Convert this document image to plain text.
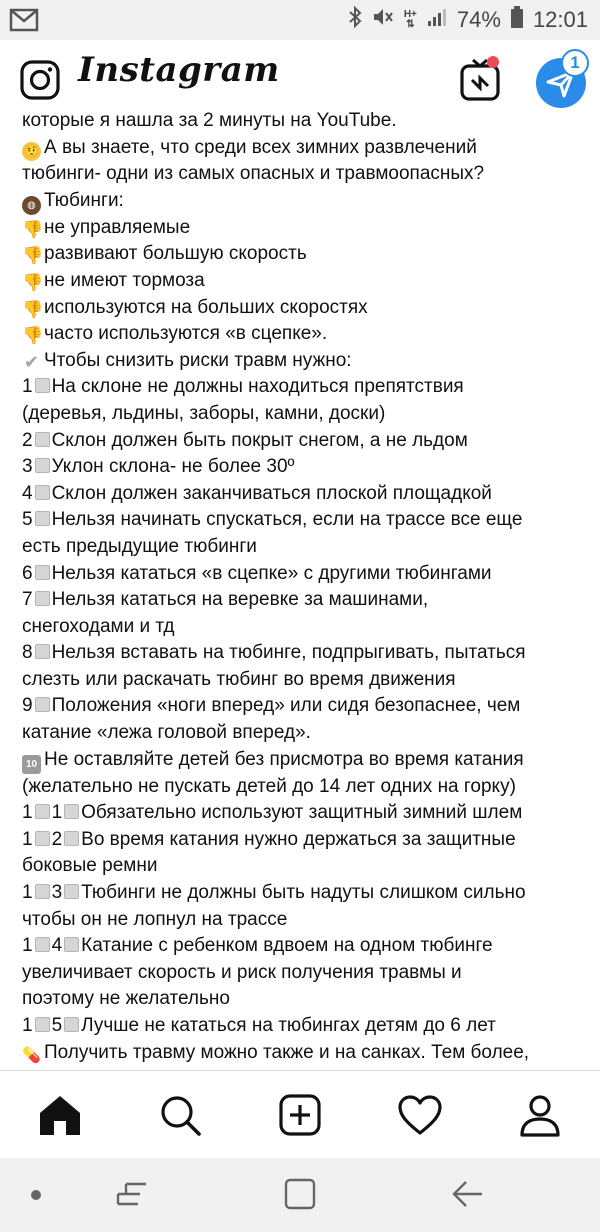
H+
⇅ 74% 12:01
Instagram	1
которые я нашла за 2 минуты на YouTube.
🤨 А вы знаете, что среди всех зимних развлечений
тюбинги- одни из самых опасных и травмоопасных?
◍ Тюбинги:
👎не управляемые
👎развивают большую скорость
👎не имеют тормоза
👎используются на больших скоростях
👎часто используются «в сцепке».
✔ Чтобы снизить риски травм нужно:
1 На склоне не должны находиться препятствия
(деревья, льдины, заборы, камни, доски)
2 Склон должен быть покрыт снегом, а не льдом
3 Уклон склона- не более 30º
4 Склон должен заканчиваться плоской площадкой
5 Нельзя начинать спускаться, если на трассе все еще
есть предыдущие тюбинги
6 Нельзя кататься «в сцепке» с другими тюбингами
7 Нельзя кататься на веревке за машинами,
снегоходами и тд
8 Нельзя вставать на тюбинге, подпрыгивать, пытаться
слезть или раскачать тюбинг во время движения
9 Положения «ноги вперед» или сидя безопаснее, чем
катание «лежа головой вперед».
10 Не оставляйте детей без присмотра во время катания
(желательно не пускать детей до 14 лет одних на горку)
1 1 Обязательно используют защитный зимний шлем
1 2 Во время катания нужно держаться за защитные
боковые ремни
1 3 Тюбинги не должны быть надуты слишком сильно
чтобы он не лопнул на трассе
1 4 Катание с ребенком вдвоем на одном тюбинге
увеличивает скорость и риск получения травмы и
поэтому не желательно
1 5 Лучше не кататься на тюбингах детям до 6 лет
💊 Получить травму можно также и на санках. Тем более,
